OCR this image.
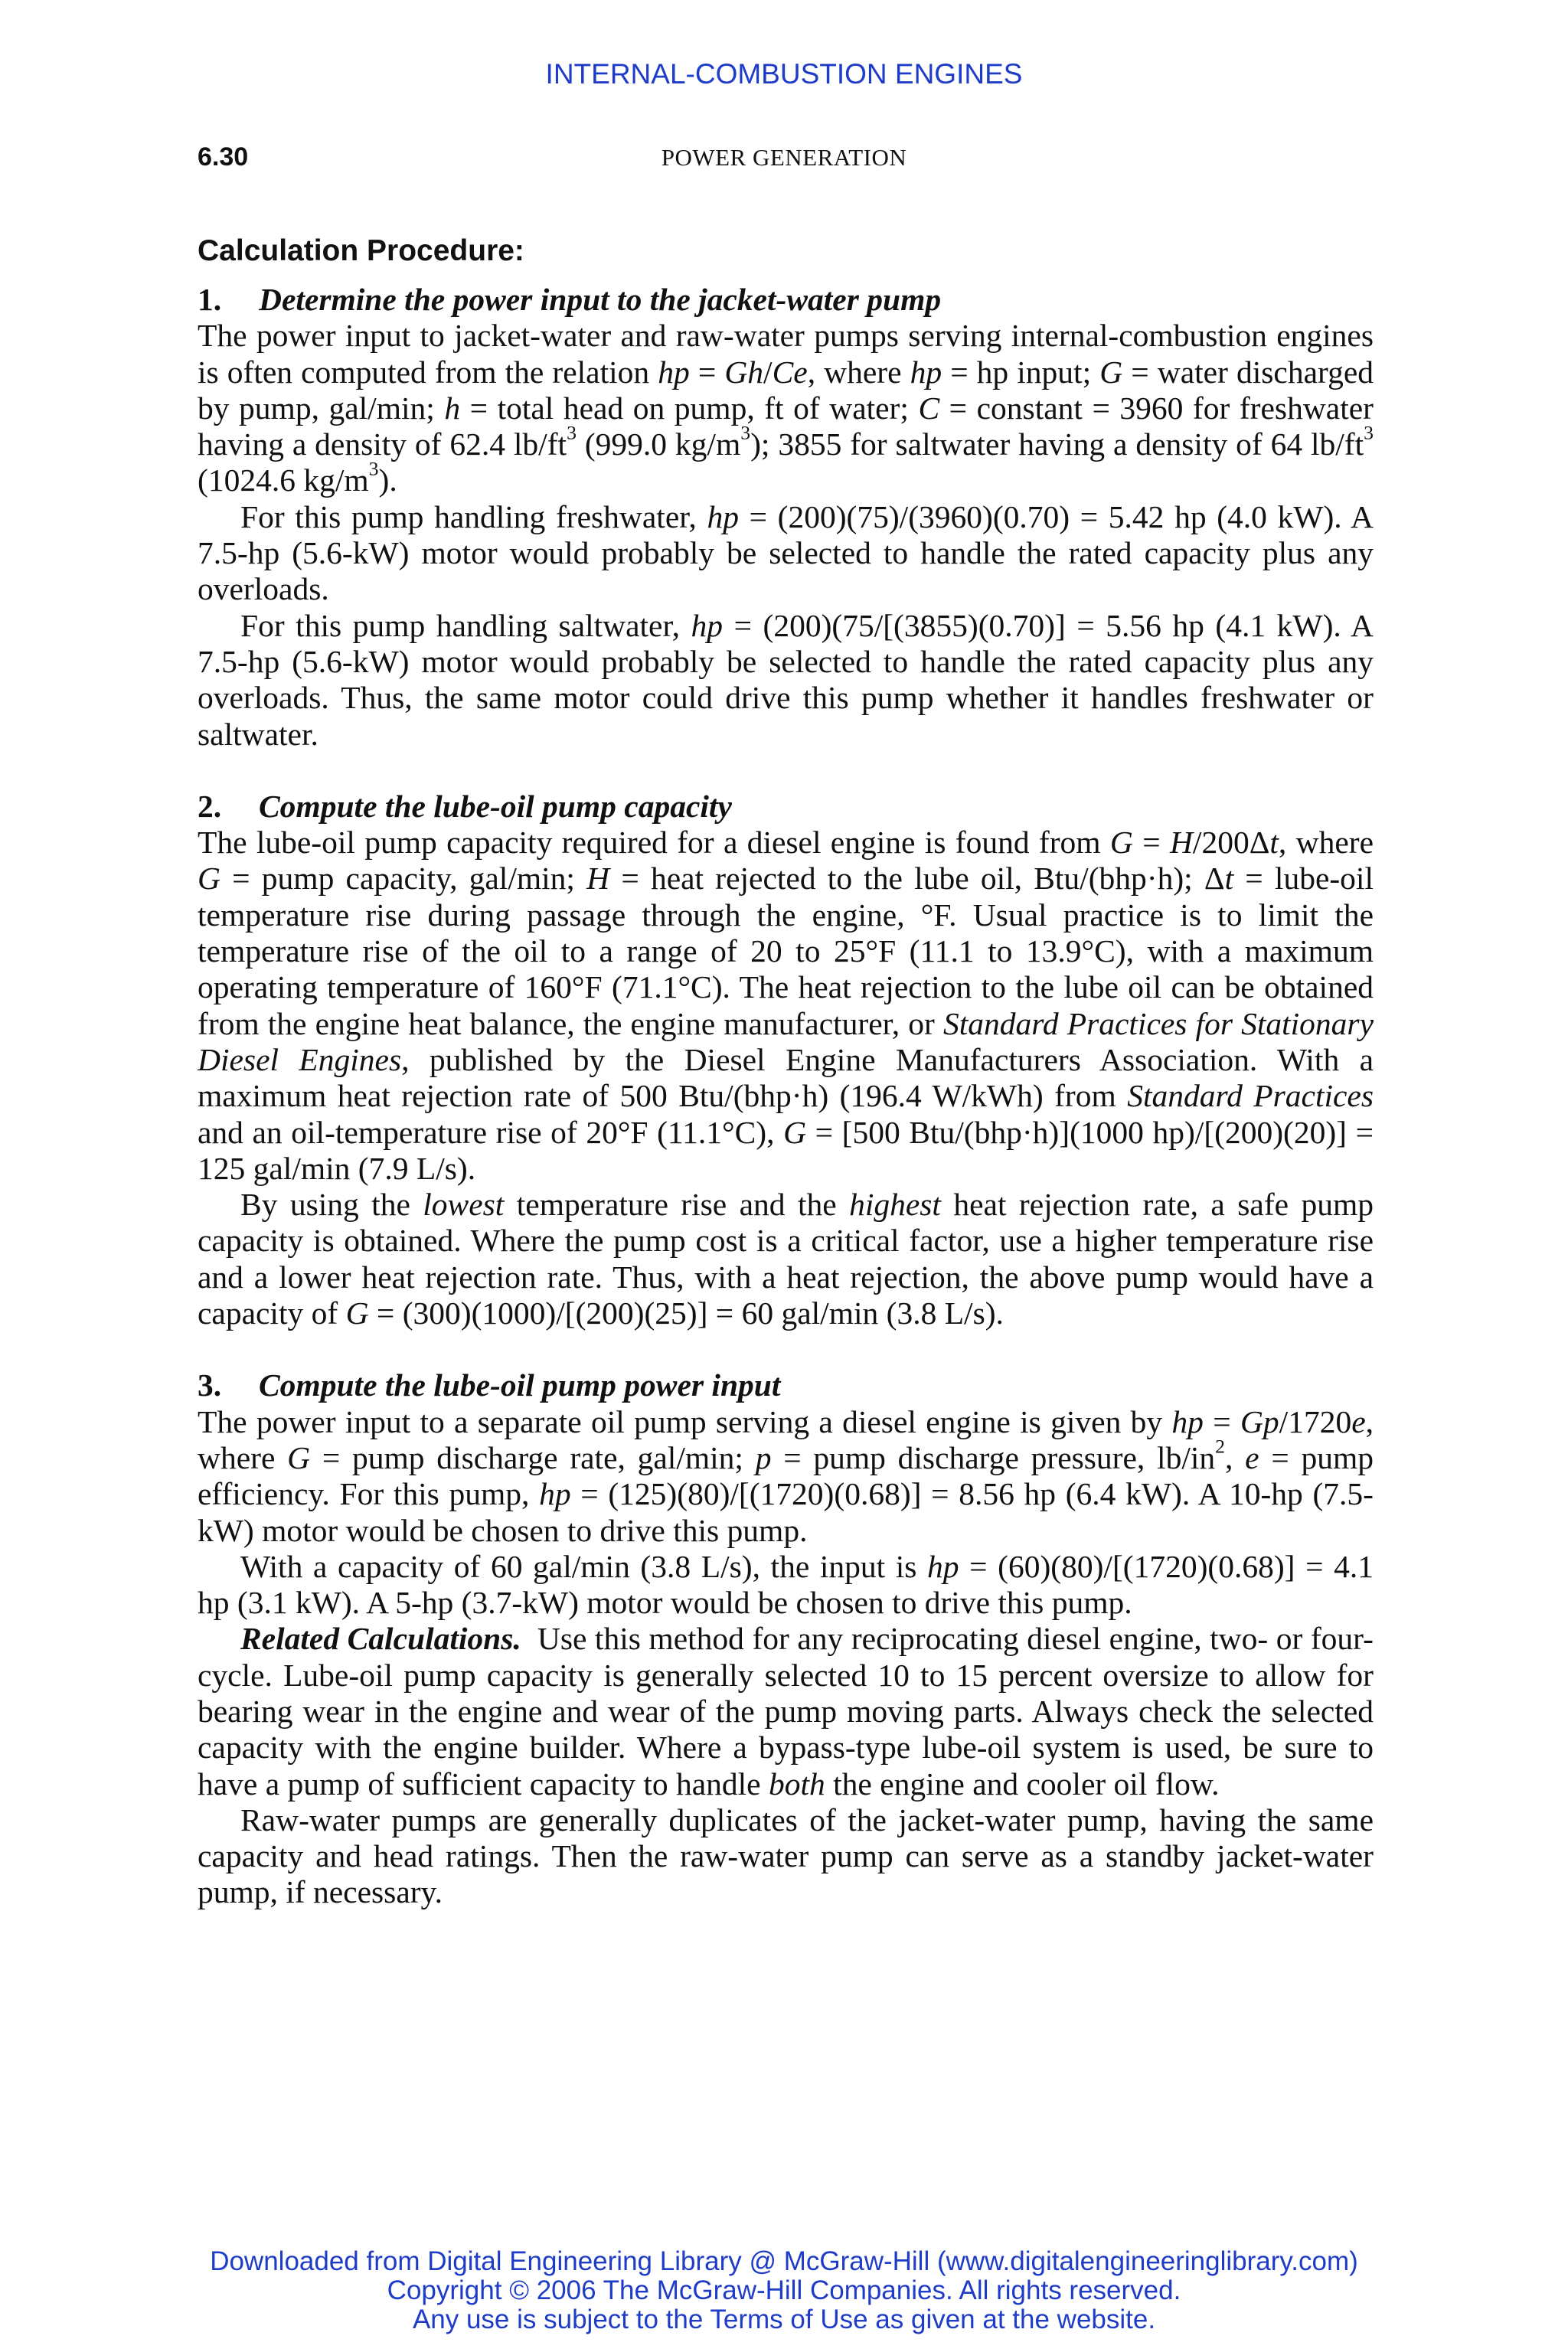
INTERNAL-COMBUSTION ENGINES
6.30	POWER GENERATION
Calculation Procedure:
1. Determine the power input to the jacket-water pump

The power input to jacket-water and raw-water pumps serving internal-combustion engines is often computed from the relation hp = Gh/Ce, where hp = hp input; G = water discharged by pump, gal/min; h = total head on pump, ft of water; C = constant = 3960 for freshwater having a density of 62.4 $lb/ft^3$ (999.0 $kg/m^3$); 3855 for saltwater having a density of 64 $lb/ft^3$ (1024.6 $kg/m^3$).

For this pump handling freshwater, hp = (200)(75)/(3960)(0.70) = 5.42 hp (4.0 kW). A 7.5-hp (5.6-kW) motor would probably be selected to handle the rated capacity plus any overloads.

For this pump handling saltwater, hp = (200)(75/[(3855)(0.70)] = 5.56 hp (4.1 kW). A 7.5-hp (5.6-kW) motor would probably be selected to handle the rated capacity plus any overloads. Thus, the same motor could drive this pump whether it handles freshwater or saltwater.

2. Compute the lube-oil pump capacity

The lube-oil pump capacity required for a diesel engine is found from G = H/200Δt, where G = pump capacity, gal/min; H = heat rejected to the lube oil, Btu/(bhp·h); Δt = lube-oil temperature rise during passage through the engine, °F. Usual practice is to limit the temperature rise of the oil to a range of 20 to 25°F (11.1 to 13.9°C), with a maximum operating temperature of 160°F (71.1°C). The heat rejection to the lube oil can be obtained from the engine heat balance, the engine manufacturer, or Standard Practices for Stationary Diesel Engines, published by the Diesel Engine Manufacturers Association. With a maximum heat rejection rate of 500 Btu/(bhp·h) (196.4 W/kWh) from Standard Practices and an oil-temperature rise of 20°F (11.1°C), G = [500 Btu/(bhp·h)](1000 hp)/[(200)(20)] = 125 gal/min (7.9 L/s).

By using the lowest temperature rise and the highest heat rejection rate, a safe pump capacity is obtained. Where the pump cost is a critical factor, use a higher temperature rise and a lower heat rejection rate. Thus, with a heat rejection, the above pump would have a capacity of G = (300)(1000)/[(200)(25)] = 60 gal/min (3.8 L/s).

3. Compute the lube-oil pump power input

The power input to a separate oil pump serving a diesel engine is given by hp = Gp/1720e, where G = pump discharge rate, gal/min; p = pump discharge pressure, $lb/in^2$, e = pump efficiency. For this pump, hp = (125)(80)/[(1720)(0.68)] = 8.56 hp (6.4 kW). A 10-hp (7.5-kW) motor would be chosen to drive this pump.

With a capacity of 60 gal/min (3.8 L/s), the input is hp = (60)(80)/[(1720)(0.68)] = 4.1 hp (3.1 kW). A 5-hp (3.7-kW) motor would be chosen to drive this pump.

Related Calculations.  Use this method for any reciprocating diesel engine, two- or four-cycle. Lube-oil pump capacity is generally selected 10 to 15 percent oversize to allow for bearing wear in the engine and wear of the pump moving parts. Always check the selected capacity with the engine builder. Where a bypass-type lube-oil system is used, be sure to have a pump of sufficient capacity to handle both the engine and cooler oil flow.

Raw-water pumps are generally duplicates of the jacket-water pump, having the same capacity and head ratings. Then the raw-water pump can serve as a standby jacket-water pump, if necessary.

Downloaded from Digital Engineering Library @ McGraw-Hill (www.digitalengineeringlibrary.com)
Copyright © 2006 The McGraw-Hill Companies. All rights reserved.
Any use is subject to the Terms of Use as given at the website.
